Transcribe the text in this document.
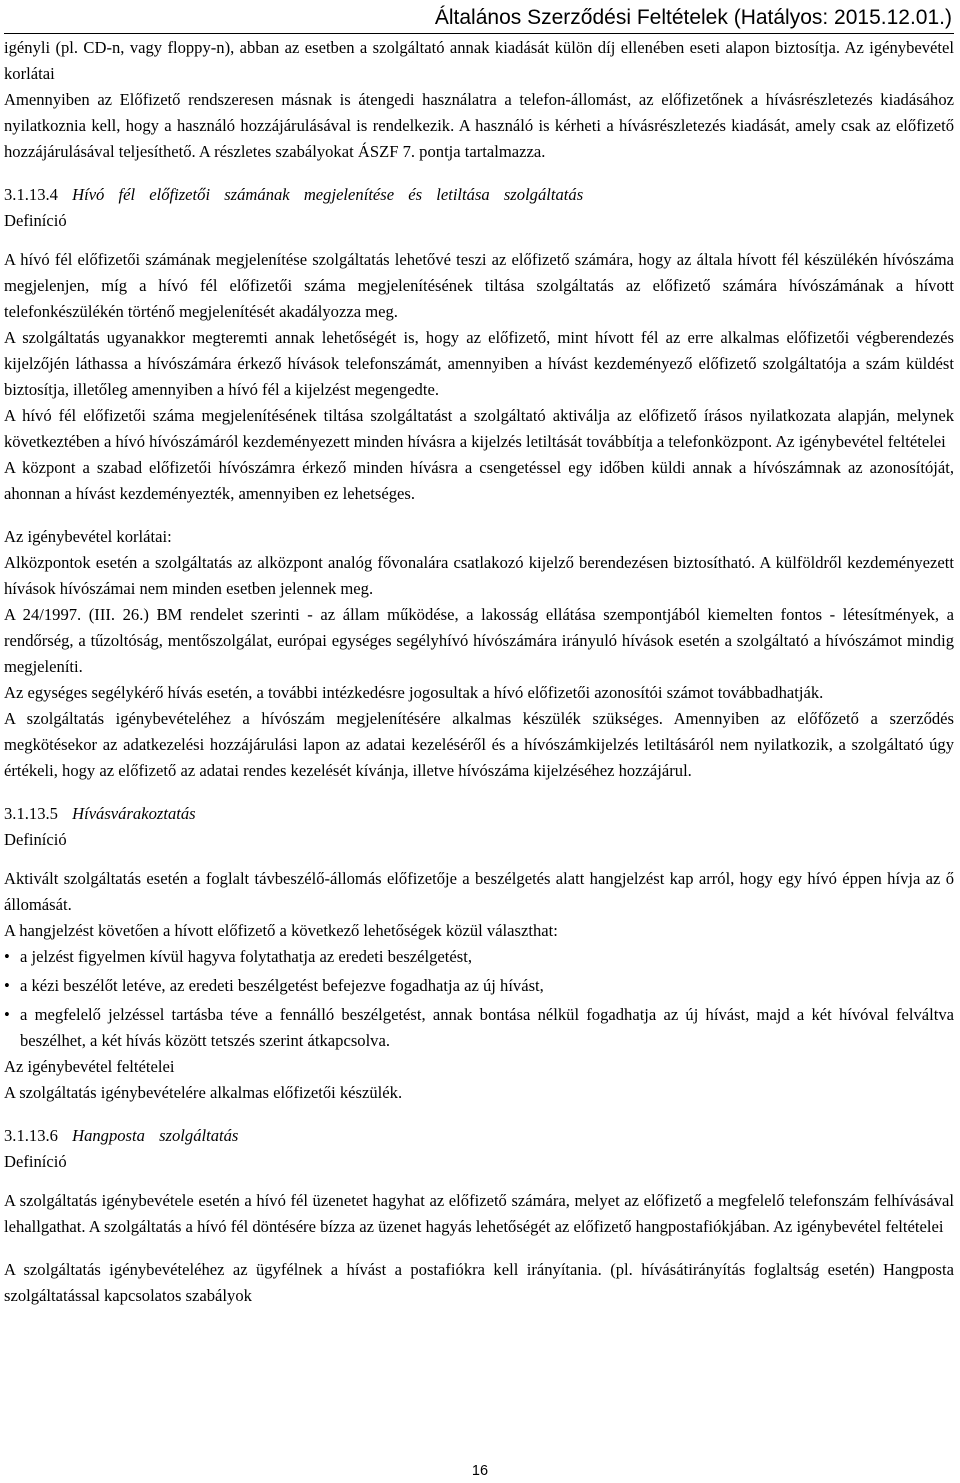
Általános Szerződési Feltételek (Hatályos: 2015.12.01.)

igényli (pl. CD-n, vagy floppy-n), abban az esetben a szolgáltató annak kiadását külön díj ellenében eseti alapon biztosítja. Az igénybevétel korlátai

Amennyiben az Előfizető rendszeresen másnak is átengedi használatra a telefon-állomást, az előfizetőnek a hívásrészletezés kiadásához nyilatkoznia kell, hogy a használó hozzájárulásával is rendelkezik. A használó is kérheti a hívásrészletezés kiadását, amely csak az előfizető hozzájárulásával teljesíthető. A részletes szabályokat ÁSZF 7. pontja tartalmazza.

3.1.13.4 Hívó fél előfizetői számának megjelenítése és letiltása szolgáltatás

Definíció

A hívó fél előfizetői számának megjelenítése szolgáltatás lehetővé teszi az előfizető számára, hogy az általa hívott fél készülékén hívószáma megjelenjen, míg a hívó fél előfizetői száma megjelenítésének tiltása szolgáltatás az előfizető számára hívószámának a hívott telefonkészülékén történő megjelenítését akadályozza meg.

A szolgáltatás ugyanakkor megteremti annak lehetőségét is, hogy az előfizető, mint hívott fél az erre alkalmas előfizetői végberendezés kijelzőjén láthassa a hívószámára érkező hívások telefonszámát, amennyiben a hívást kezdeményező előfizető szolgáltatója a szám küldést biztosítja, illetőleg amennyiben a hívó fél a kijelzést megengedte.

A hívó fél előfizetői száma megjelenítésének tiltása szolgáltatást a szolgáltató aktiválja az előfizető írásos nyilatkozata alapján, melynek következtében a hívó hívószámáról kezdeményezett minden hívásra a kijelzés letiltását továbbítja a telefonközpont. Az igénybevétel feltételei

A központ a szabad előfizetői hívószámra érkező minden hívásra a csengetéssel egy időben küldi annak a hívószámnak az azonosítóját, ahonnan a hívást kezdeményezték, amennyiben ez lehetséges.

Az igénybevétel korlátai:

Alközpontok esetén a szolgáltatás az alközpont analóg fővonalára csatlakozó kijelző berendezésen biztosítható. A külföldről kezdeményezett hívások hívószámai nem minden esetben jelennek meg.

A 24/1997. (III. 26.) BM rendelet szerinti - az állam működése, a lakosság ellátása szempontjából kiemelten fontos - létesítmények, a rendőrség, a tűzoltóság, mentőszolgálat, európai egységes segélyhívó hívószámára irányuló hívások esetén a szolgáltató a hívószámot mindig megjeleníti.

Az egységes segélykérő hívás esetén, a további intézkedésre jogosultak a hívó előfizetői azonosítói számot továbbadhatják.

A szolgáltatás igénybevételéhez a hívószám megjelenítésére alkalmas készülék szükséges. Amennyiben az előfőzető a szerződés megkötésekor az adatkezelési hozzájárulási lapon az adatai kezeléséről és a hívószámkijelzés letiltásáról nem nyilatkozik, a szolgáltató úgy értékeli, hogy az előfizető az adatai rendes kezelését kívánja, illetve hívószáma kijelzéséhez hozzájárul.

3.1.13.5 Hívásvárakoztatás

Definíció

Aktivált szolgáltatás esetén a foglalt távbeszélő-állomás előfizetője a beszélgetés alatt hangjelzést kap arról, hogy egy hívó éppen hívja az ő állomását.

A hangjelzést követően a hívott előfizető a következő lehetőségek közül választhat:

• a jelzést figyelmen kívül hagyva folytathatja az eredeti beszélgetést,
• a kézi beszélőt letéve, az eredeti beszélgetést befejezve fogadhatja az új hívást,
• a megfelelő jelzéssel tartásba téve a fennálló beszélgetést, annak bontása nélkül fogadhatja az új hívást, majd a két hívóval felváltva beszélhet, a két hívás között tetszés szerint átkapcsolva.

Az igénybevétel feltételei

A szolgáltatás igénybevételére alkalmas előfizetői készülék.

3.1.13.6 Hangposta szolgáltatás

Definíció

A szolgáltatás igénybevétele esetén a hívó fél üzenetet hagyhat az előfizető számára, melyet az előfizető a megfelelő telefonszám felhívásával lehallgathat. A szolgáltatás a hívó fél döntésére bízza az üzenet hagyás lehetőségét az előfizető hangpostafiókjában. Az igénybevétel feltételei

A szolgáltatás igénybevételéhez az ügyfélnek a hívást a postafiókra kell irányítania. (pl. hívásátirányítás foglaltság esetén) Hangposta szolgáltatással kapcsolatos szabályok

16
